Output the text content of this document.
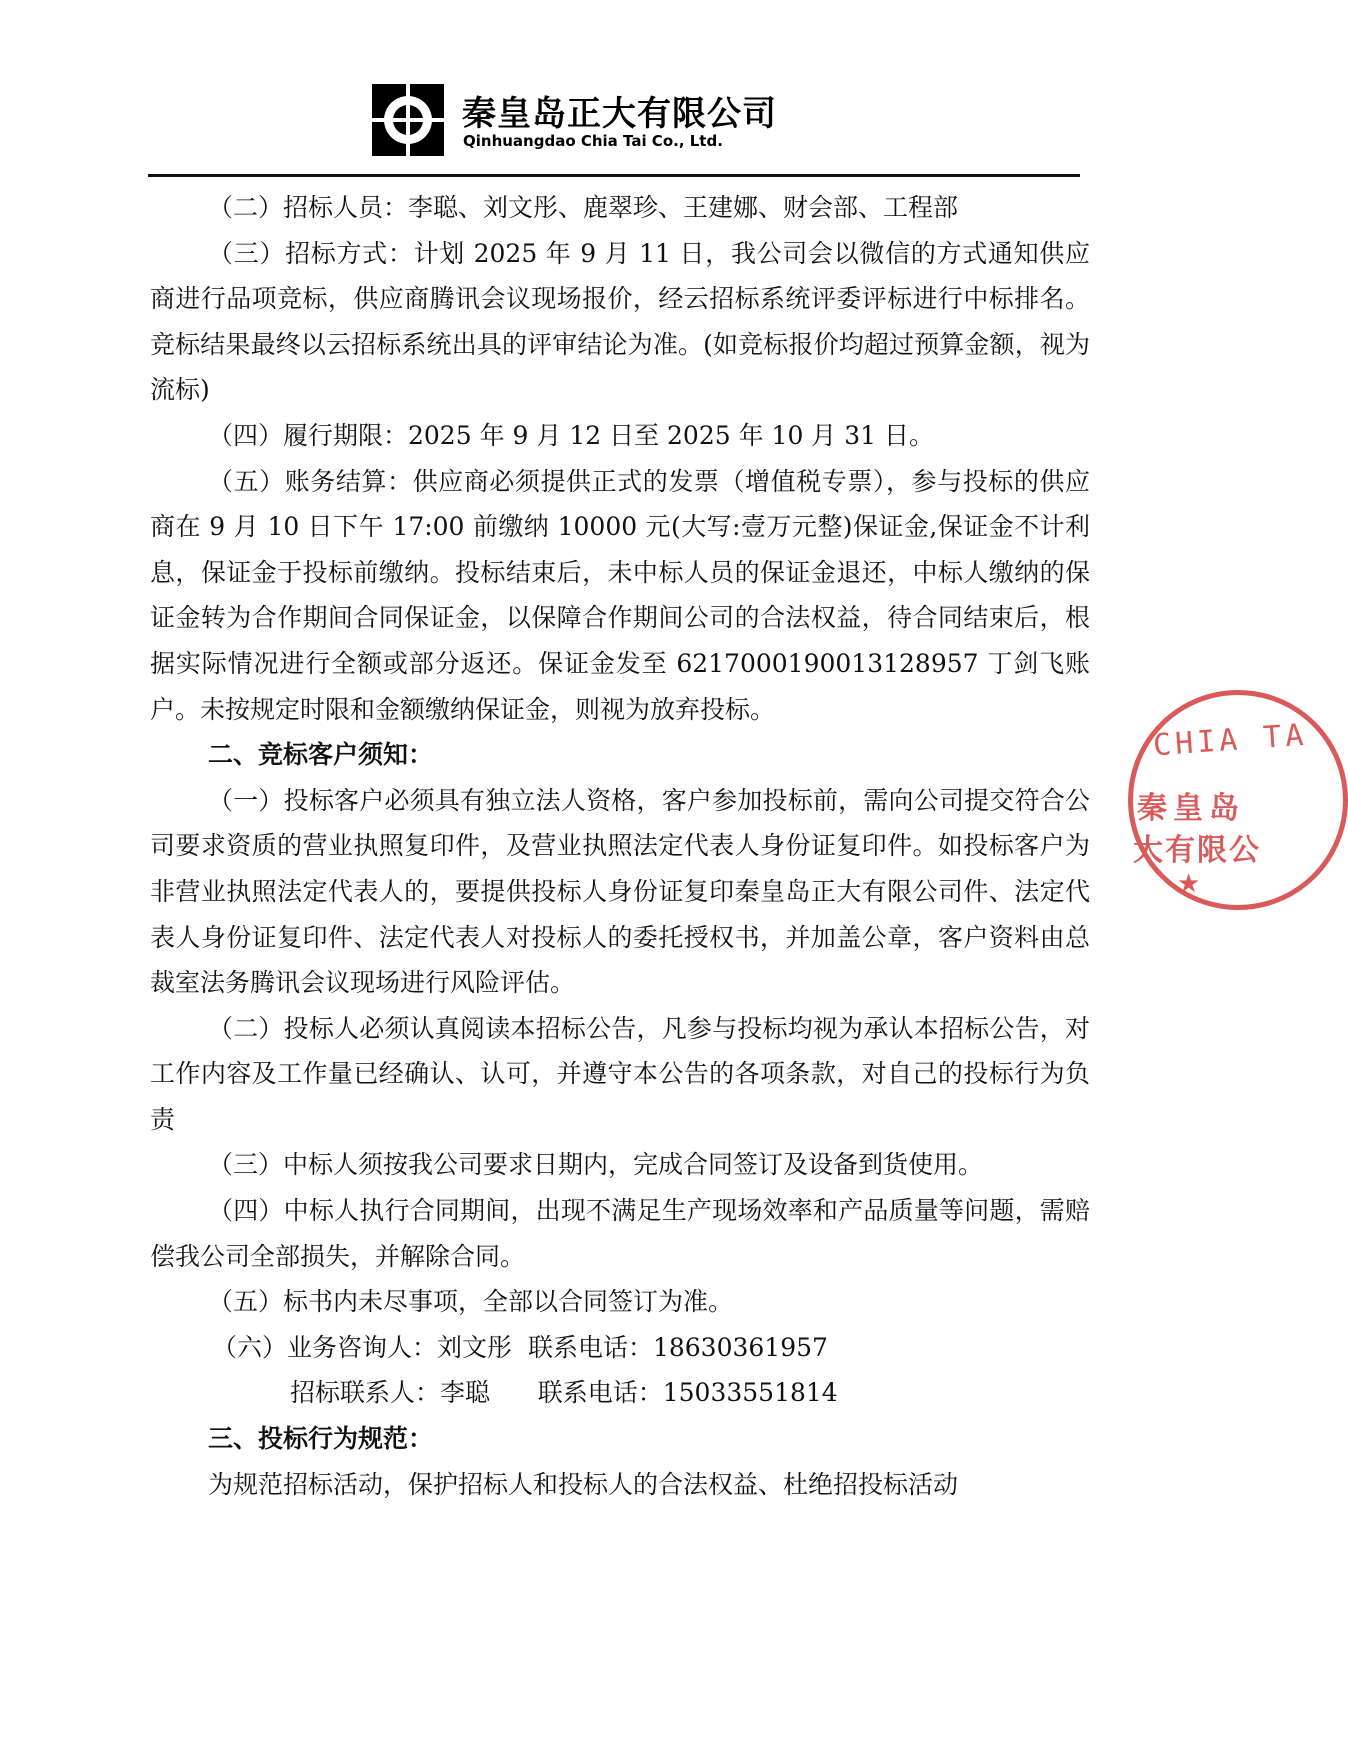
秦皇岛正大有限公司
Qinhuangdao Chia Tai Co., Ltd.

（二）招标人员：李聪、刘文彤、鹿翠珍、王建娜、财会部、工程部

（三）招标方式：计划 2025 年 9 月 11 日，我公司会以微信的方式通知供应商进行品项竞标，供应商腾讯会议现场报价，经云招标系统评委评标进行中标排名。竞标结果最终以云招标系统出具的评审结论为准。(如竞标报价均超过预算金额，视为流标)

（四）履行期限：2025 年 9 月 12 日至 2025 年 10 月 31 日。

（五）账务结算：供应商必须提供正式的发票（增值税专票），参与投标的供应商在 9 月 10 日下午 17:00 前缴纳 10000 元(大写:壹万元整)保证金,保证金不计利息，保证金于投标前缴纳。投标结束后，未中标人员的保证金退还，中标人缴纳的保证金转为合作期间合同保证金，以保障合作期间公司的合法权益，待合同结束后，根据实际情况进行全额或部分返还。保证金发至 6217000190013128957 丁剑飞账户。未按规定时限和金额缴纳保证金，则视为放弃投标。

二、竞标客户须知：

（一）投标客户必须具有独立法人资格，客户参加投标前，需向公司提交符合公司要求资质的营业执照复印件，及营业执照法定代表人身份证复印件。如投标客户为非营业执照法定代表人的，要提供投标人身份证复印秦皇岛正大有限公司件、法定代表人身份证复印件、法定代表人对投标人的委托授权书，并加盖公章，客户资料由总裁室法务腾讯会议现场进行风险评估。

（二）投标人必须认真阅读本招标公告，凡参与投标均视为承认本招标公告，对工作内容及工作量已经确认、认可，并遵守本公告的各项条款，对自己的投标行为负责

（三）中标人须按我公司要求日期内，完成合同签订及设备到货使用。

（四）中标人执行合同期间，出现不满足生产现场效率和产品质量等问题，需赔偿我公司全部损失，并解除合同。

（五）标书内未尽事项，全部以合同签订为准。

（六）业务咨询人：刘文彤 联系电话：18630361957

招标联系人：李聪 联系电话：15033551814

三、投标行为规范：

为规范招标活动，保护招标人和投标人的合法权益、杜绝招投标活动

CHIA TA
秦皇岛
大有限公
★
